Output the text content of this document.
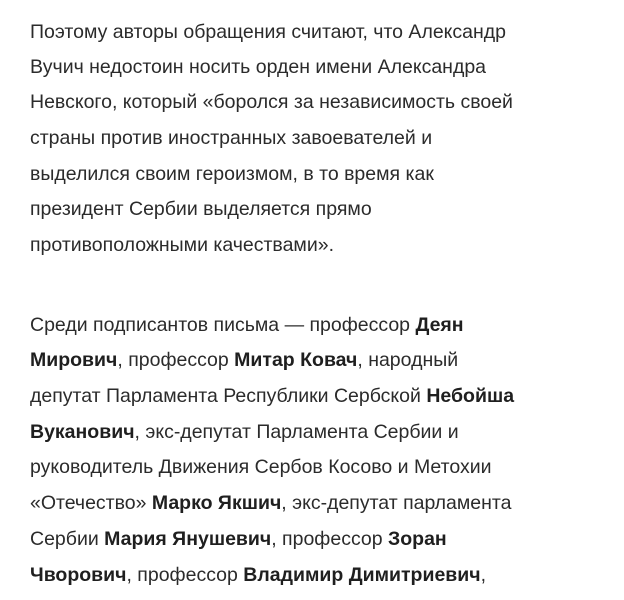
Поэтому авторы обращения считают, что Александр
Вучич недостоин носить орден имени Александра
Невского, который «боролся за независимость своей
страны против иностранных завоевателей и
выделился своим героизмом, в то время как
президент Сербии выделяется прямо
противоположными качествами».
Среди подписантов письма — профессор Деян
Мирович, профессор Митар Ковач, народный
депутат Парламента Республики Сербской Небойша
Вуканович, экс-депутат Парламента Сербии и
руководитель Движения Сербов Косово и Метохии
«Отечество» Марко Якшич, экс-депутат парламента
Сербии Мария Янушевич, профессор Зоран
Чворович, профессор Владимир Димитриевич,
